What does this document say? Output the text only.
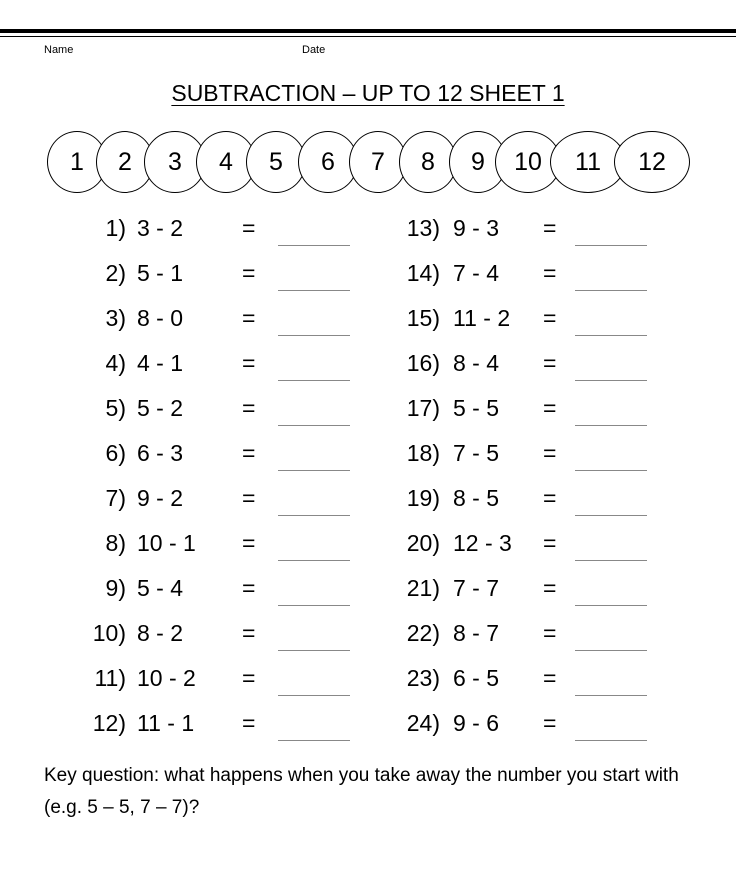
Name	Date
SUBTRACTION – UP TO 12 SHEET 1
1	2	3	4	5	6	7	8	9	10	11	12
1) 3 - 2	=
2) 5 - 1	=
3) 8 - 0	=
4) 4 - 1	=
5) 5 - 2	=
6) 6 - 3	=
7) 9 - 2	=
8) 10 - 1 =
9) 5 - 4	=
10) 8 - 2	=
11) 10 - 2 =
12) 11 - 1 =
13) 9 - 3 =
14) 7 - 4 =
15) 11 - 2 =
16) 8 - 4 =
17) 5 - 5 =
18) 7 - 5 =
19) 8 - 5 =
20) 12 - 3 =
21) 7 - 7 =
22) 8 - 7 =
23) 6 - 5 =
24) 9 - 6 =
Key question: what happens when you take away the number you start with (e.g. 5 – 5, 7 – 7)?
